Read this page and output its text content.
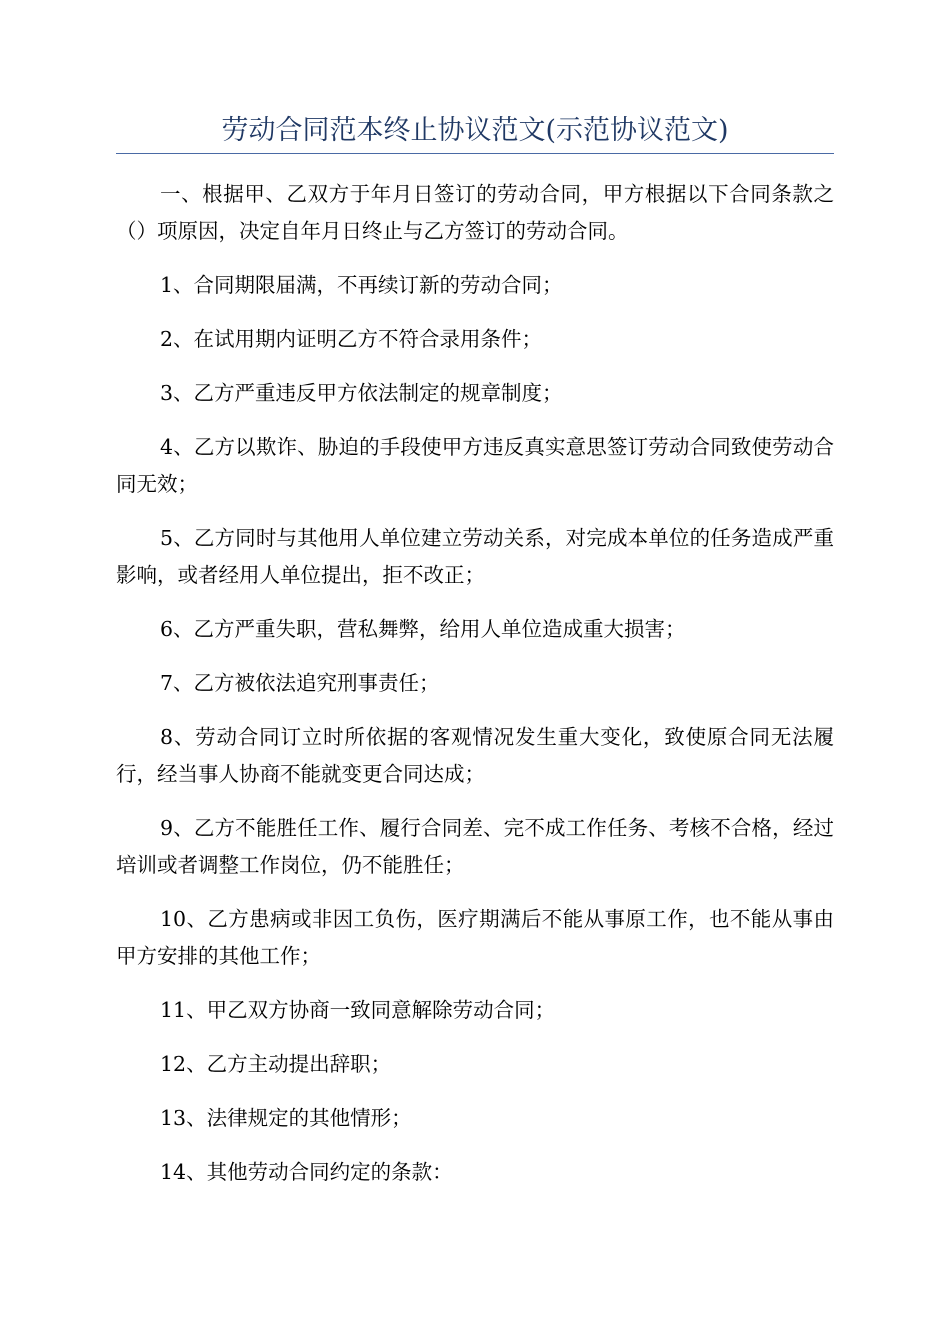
劳动合同范本终止协议范文(示范协议范文)

一、根据甲、乙双方于年月日签订的劳动合同，甲方根据以下合同条款之（）项原因，决定自年月日终止与乙方签订的劳动合同。

1、合同期限届满，不再续订新的劳动合同；

2、在试用期内证明乙方不符合录用条件；

3、乙方严重违反甲方依法制定的规章制度；

4、乙方以欺诈、胁迫的手段使甲方违反真实意思签订劳动合同致使劳动合同无效；

5、乙方同时与其他用人单位建立劳动关系，对完成本单位的任务造成严重影响，或者经用人单位提出，拒不改正；

6、乙方严重失职，营私舞弊，给用人单位造成重大损害；

7、乙方被依法追究刑事责任；

8、劳动合同订立时所依据的客观情况发生重大变化，致使原合同无法履行，经当事人协商不能就变更合同达成；

9、乙方不能胜任工作、履行合同差、完不成工作任务、考核不合格，经过培训或者调整工作岗位，仍不能胜任；

10、乙方患病或非因工负伤，医疗期满后不能从事原工作，也不能从事由甲方安排的其他工作；

11、甲乙双方协商一致同意解除劳动合同；

12、乙方主动提出辞职；

13、法律规定的其他情形；

14、其他劳动合同约定的条款：
